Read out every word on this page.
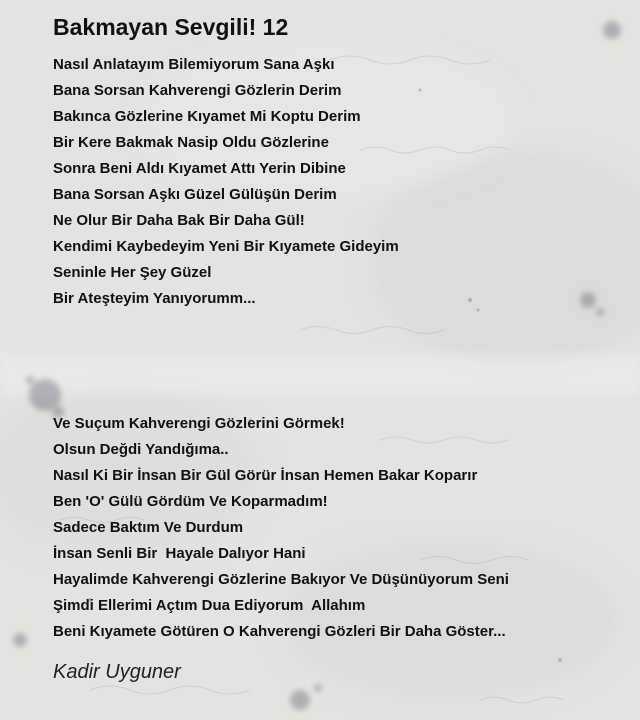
Bakmayan Sevgili! 12
Nasıl Anlatayım Bilemiyorum Sana Aşkı
Bana Sorsan Kahverengi Gözlerin Derim
Bakınca Gözlerine Kıyamet Mi Koptu Derim
Bir Kere Bakmak Nasip Oldu Gözlerine
Sonra Beni Aldı Kıyamet Attı Yerin Dibine
Bana Sorsan Aşkı Güzel Gülüşün Derim
Ne Olur Bir Daha Bak Bir Daha Gül!
Kendimi Kaybedeyim Yeni Bir Kıyamete Gideyim
Seninle Her Şey Güzel
Bir Ateşteyim Yanıyorumm...
Ve Suçum Kahverengi Gözlerini Görmek!
Olsun Değdi Yandığıma..
Nasıl Ki Bir İnsan Bir Gül Görür İnsan Hemen Bakar Koparır
Ben 'O' Gülü Gördüm Ve Koparmadım!
Sadece Baktım Ve Durdum
İnsan Senli Bir  Hayale Dalıyor Hani
Hayalimde Kahverengi Gözlerine Bakıyor Ve Düşünüyorum Seni
Şimdi Ellerimi Açtım Dua Ediyorum  Allahım
Beni Kıyamete Götüren O Kahverengi Gözleri Bir Daha Göster...

Kadir Uyguner
